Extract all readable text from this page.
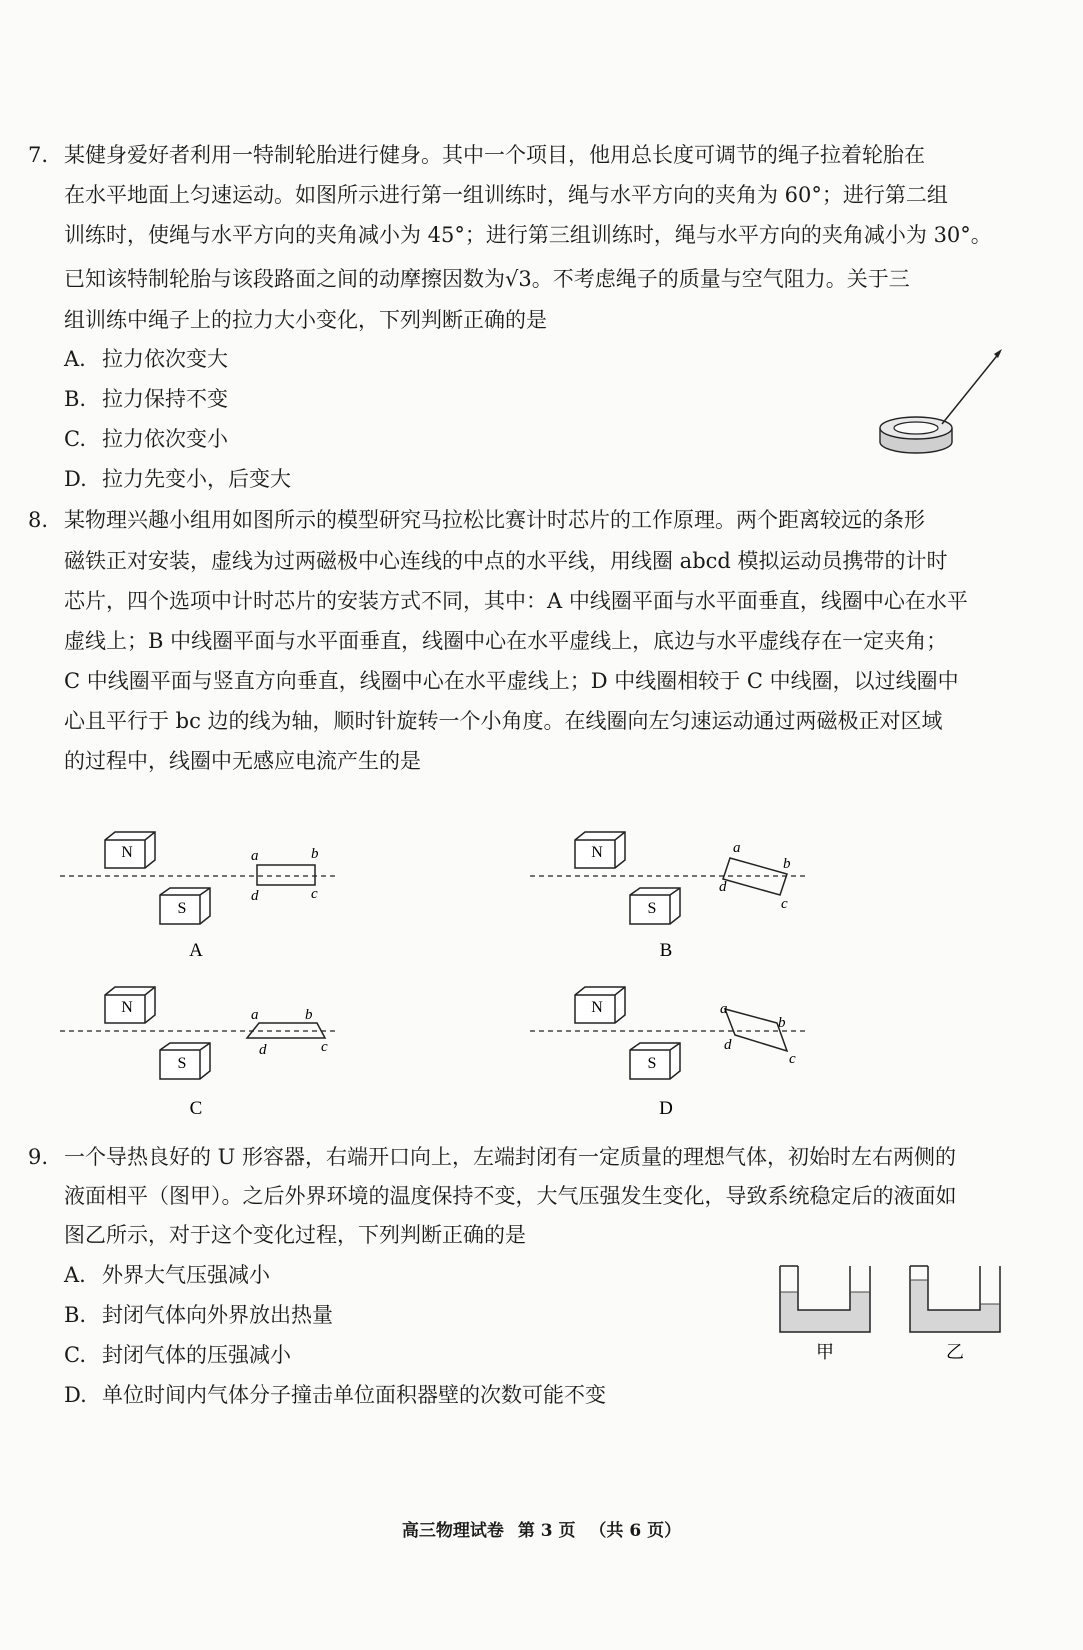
7. 某健身爱好者利用一特制轮胎进行健身。其中一个项目，他用总长度可调节的绳子拉着轮胎在
在水平地面上匀速运动。如图所示进行第一组训练时，绳与水平方向的夹角为 60°；进行第二组
训练时，使绳与水平方向的夹角减小为 45°；进行第三组训练时，绳与水平方向的夹角减小为 30°。
已知该特制轮胎与该段路面之间的动摩擦因数为√3。不考虑绳子的质量与空气阻力。关于三
组训练中绳子上的拉力大小变化，下列判断正确的是
A. 拉力依次变大
B. 拉力保持不变
C. 拉力依次变小
D. 拉力先变小，后变大
8. 某物理兴趣小组用如图所示的模型研究马拉松比赛计时芯片的工作原理。两个距离较远的条形
磁铁正对安装，虚线为过两磁极中心连线的中点的水平线，用线圈 abcd 模拟运动员携带的计时
芯片，四个选项中计时芯片的安装方式不同，其中：A 中线圈平面与水平面垂直，线圈中心在水平
虚线上；B 中线圈平面与水平面垂直，线圈中心在水平虚线上，底边与水平虚线存在一定夹角；
C 中线圈平面与竖直方向垂直，线圈中心在水平虚线上；D 中线圈相较于 C 中线圈，以过线圈中
心且平行于 bc 边的线为轴，顺时针旋转一个小角度。在线圈向左匀速运动通过两磁极正对区域
的过程中，线圈中无感应电流产生的是
N
S
a	b
c
d
A
N
S
a
b
c
d
B
N
S
a	b
c
d
C
N
S
a
b
c
d
D
9. 一个导热良好的 U 形容器，右端开口向上，左端封闭有一定质量的理想气体，初始时左右两侧的
液面相平（图甲）。之后外界环境的温度保持不变，大气压强发生变化，导致系统稳定后的液面如
图乙所示，对于这个变化过程，下列判断正确的是
A. 外界大气压强减小
B. 封闭气体向外界放出热量
C. 封闭气体的压强减小
D. 单位时间内气体分子撞击单位面积器壁的次数可能不变
甲	乙
高三物理试卷 第 3 页 （共 6 页）
